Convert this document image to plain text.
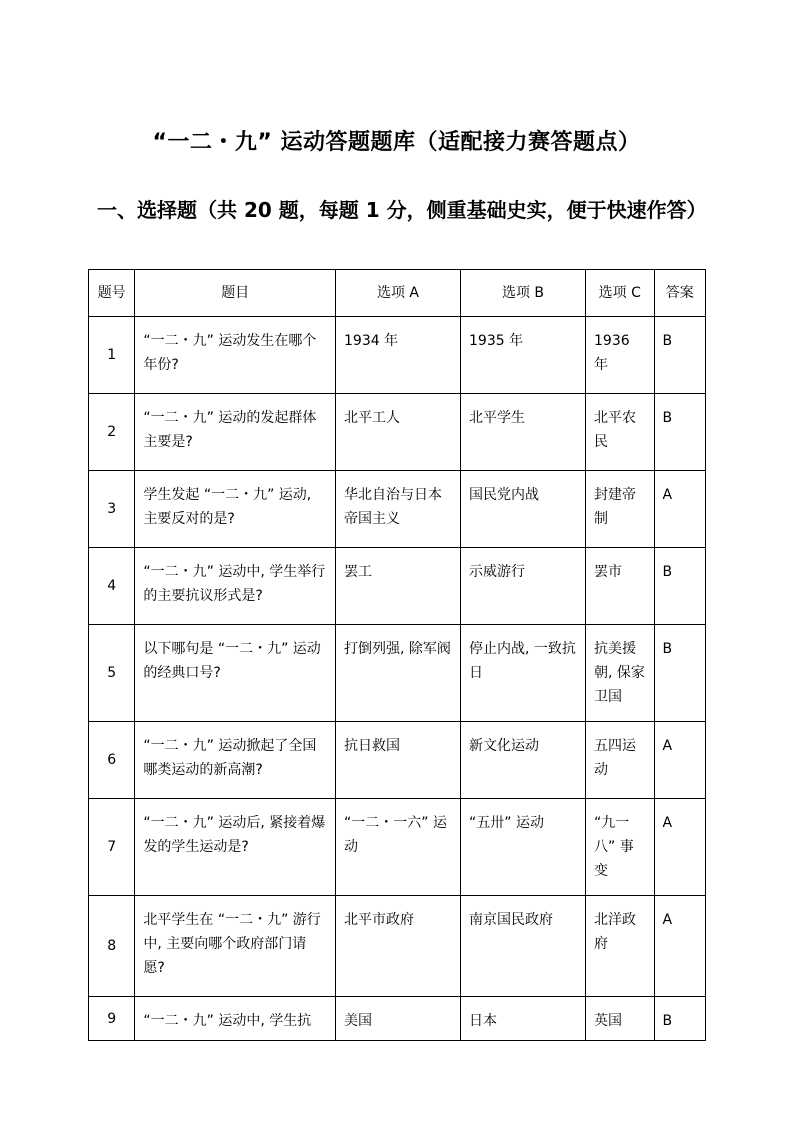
“一二・九” 运动答题题库（适配接力赛答题点）
一、选择题（共 20 题，每题 1 分，侧重基础史实，便于快速作答）
题号	题目	选项 A	选项 B	选项 C	答案
1	“一二・九” 运动发生在哪个年份?	1934 年	1935 年	1936 年	B
2	“一二・九” 运动的发起群体主要是?	北平工人	北平学生	北平农民	B
3	学生发起 “一二・九” 运动, 主要反对的是?	华北自治与日本帝国主义	国民党内战	封建帝制	A
4	“一二・九” 运动中, 学生举行的主要抗议形式是?	罢工	示威游行	罢市	B
5	以下哪句是 “一二・九” 运动的经典口号?	打倒列强, 除军阀	停止内战, 一致抗日	抗美援朝, 保家卫国	B
6	“一二・九” 运动掀起了全国哪类运动的新高潮?	抗日救国	新文化运动	五四运动	A
7	“一二・九” 运动后, 紧接着爆发的学生运动是?	“一二・一六” 运动	“五卅” 运动	“九一八” 事变	A
8	北平学生在 “一二・九” 游行中, 主要向哪个政府部门请愿?	北平市政府	南京国民政府	北洋政府	A
9	“一二・九” 运动中, 学生抗	美国	日本	英国	B
